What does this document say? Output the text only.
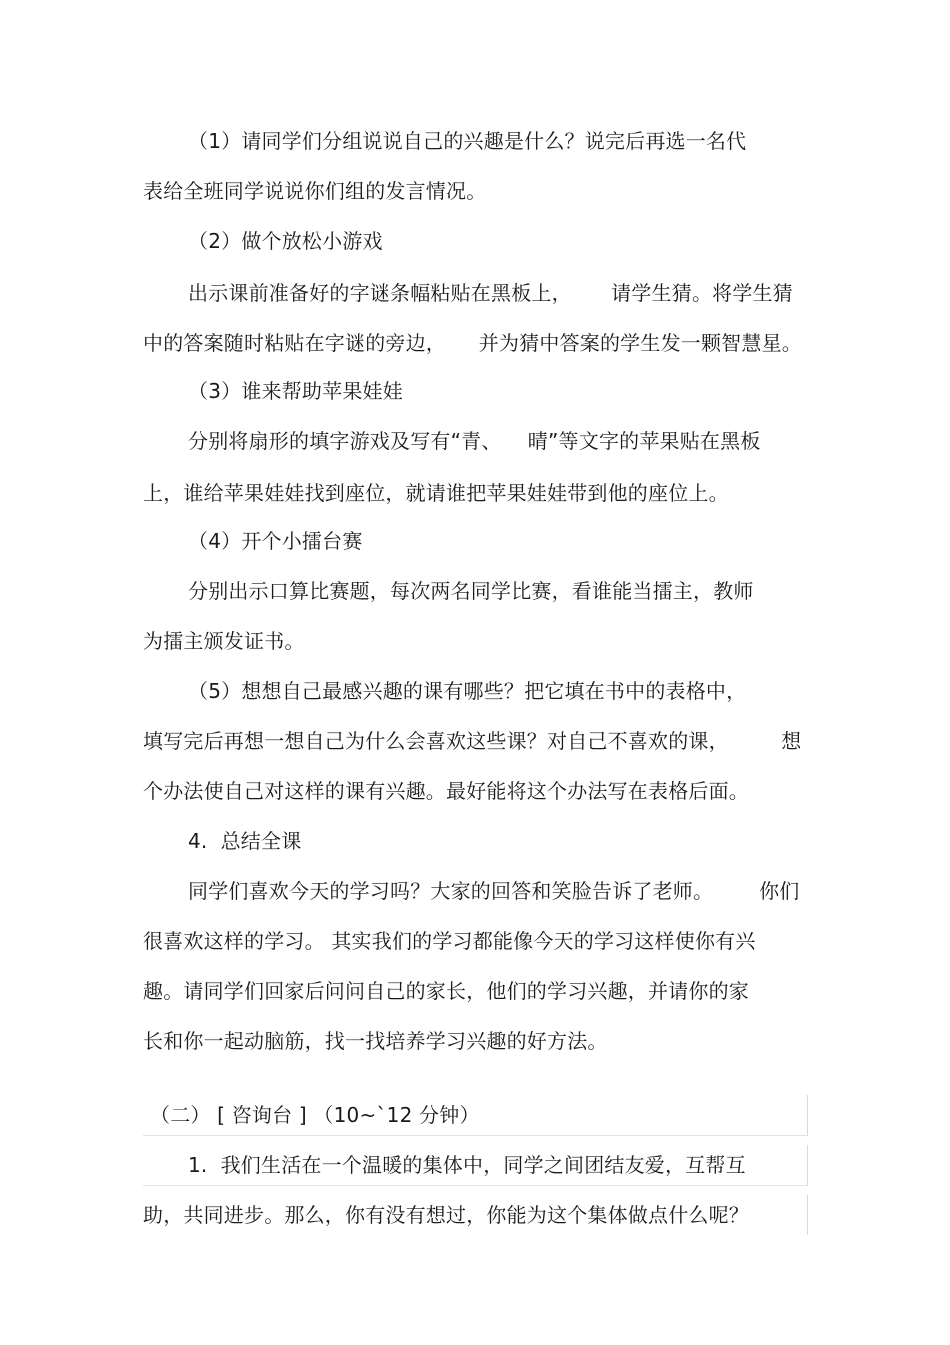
（1）请同学们分组说说自己的兴趣是什么？说完后再选一名代
表给全班同学说说你们组的发言情况。
（2）做个放松小游戏
出示课前准备好的字谜条幅粘贴在黑板上，      请学生猜。将学生猜
中的答案随时粘贴在字谜的旁边，     并为猜中答案的学生发一颗智慧星。
（3）谁来帮助苹果娃娃
分别将扇形的填字游戏及写有“青、    晴”等文字的苹果贴在黑板
上，谁给苹果娃娃找到座位，就请谁把苹果娃娃带到他的座位上。
（4）开个小擂台赛
分别出示口算比赛题，每次两名同学比赛，看谁能当擂主，教师
为擂主颁发证书。
（5）想想自己最感兴趣的课有哪些？把它填在书中的表格中，
填写完后再想一想自己为什么会喜欢这些课？对自己不喜欢的课，        想
个办法使自己对这样的课有兴趣。最好能将这个办法写在表格后面。
4.  总结全课
同学们喜欢今天的学习吗？大家的回答和笑脸告诉了老师。       你们
很喜欢这样的学习。 其实我们的学习都能像今天的学习这样使你有兴
趣。请同学们回家后问问自己的家长，他们的学习兴趣，并请你的家
长和你一起动脑筋，找一找培养学习兴趣的好方法。
（二） [ 咨询台 ] （10~`12 分钟）
1.  我们生活在一个温暖的集体中，同学之间团结友爱，互帮互
助，共同进步。那么，你有没有想过，你能为这个集体做点什么呢？
